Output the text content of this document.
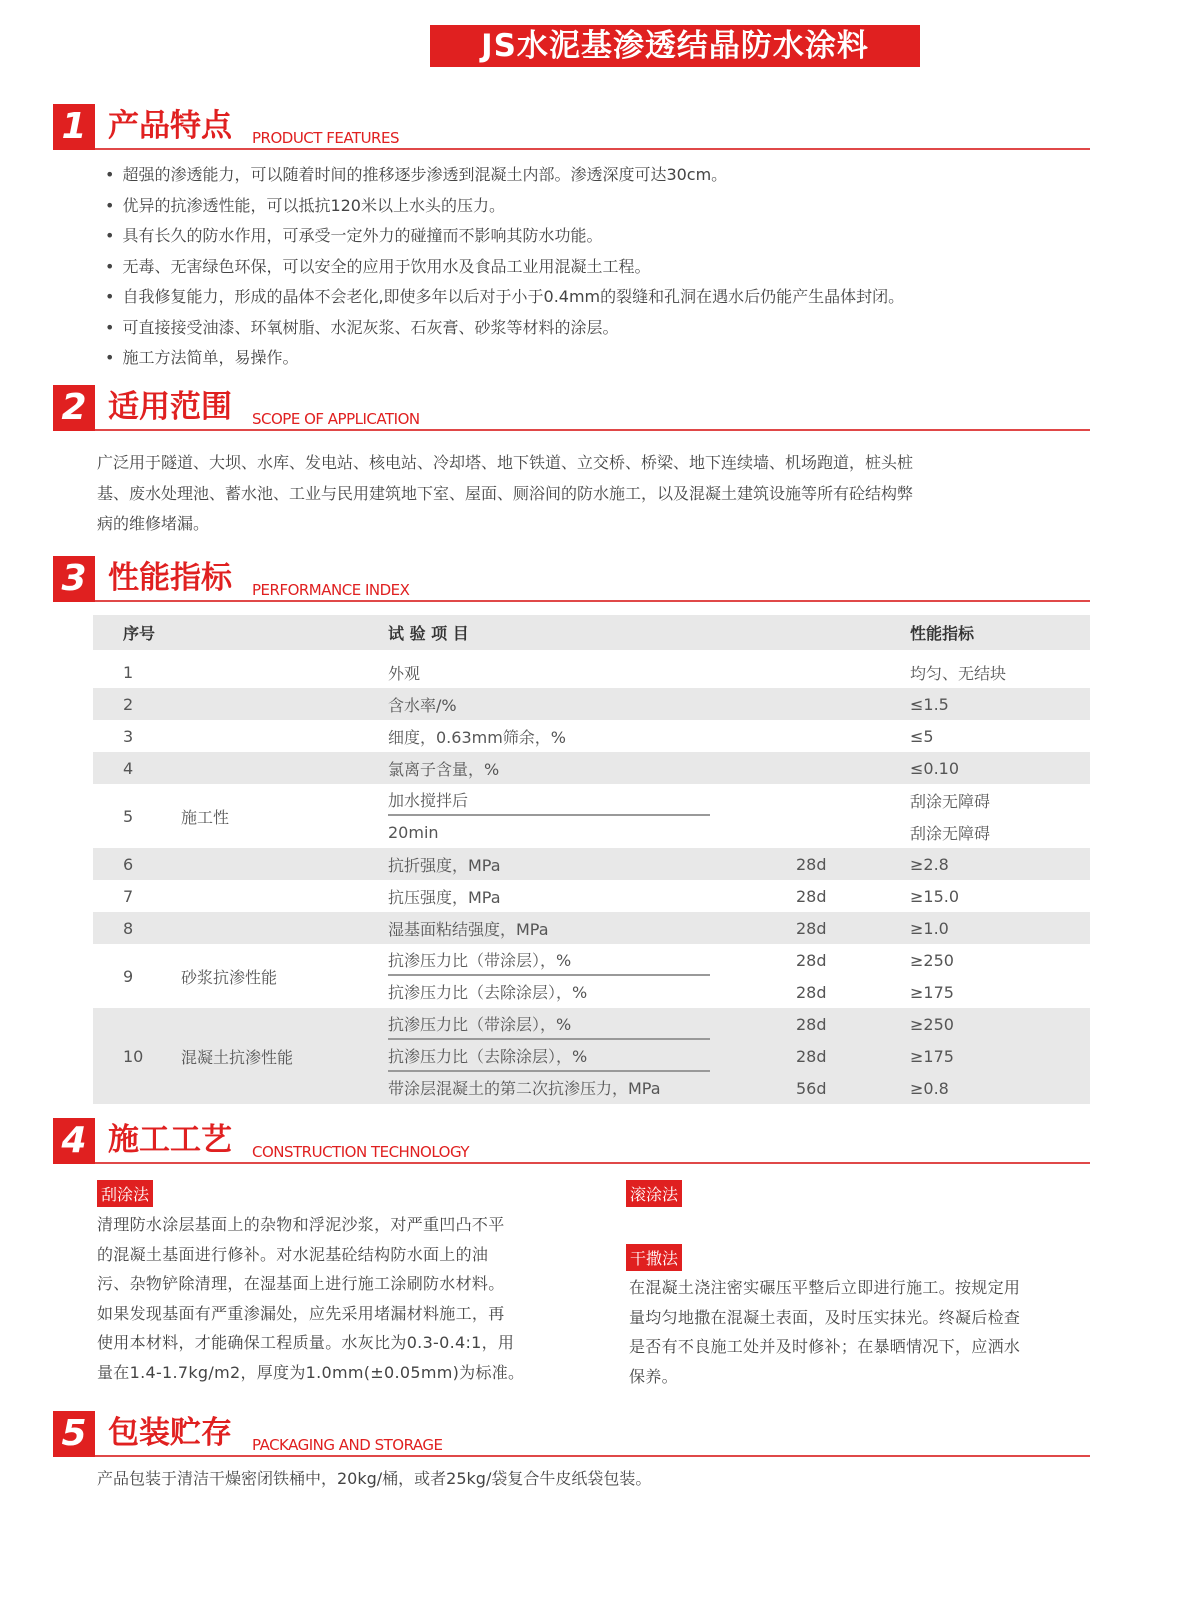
JS水泥基渗透结晶防水涂料
1 产品特点 PRODUCT FEATURES
2 适用范围 SCOPE OF APPLICATION
3 性能指标 PERFORMANCE INDEX
4 施工工艺 CONSTRUCTION TECHNOLOGY
5 包装贮存 PACKAGING AND STORAGE
• 超强的渗透能力，可以随着时间的推移逐步渗透到混凝土内部。渗透深度可达30cm。
• 优异的抗渗透性能，可以抵抗120米以上水头的压力。
• 具有长久的防水作用，可承受一定外力的碰撞而不影响其防水功能。
• 无毒、无害绿色环保，可以安全的应用于饮用水及食品工业用混凝土工程。
• 自我修复能力，形成的晶体不会老化,即使多年以后对于小于0.4mm的裂缝和孔洞在遇水后仍能产生晶体封闭。
• 可直接接受油漆、环氧树脂、水泥灰浆、石灰膏、砂浆等材料的涂层。
• 施工方法简单，易操作。
广泛用于隧道、大坝、水库、发电站、核电站、冷却塔、地下铁道、立交桥、桥梁、地下连续墙、机场跑道，桩头桩
基、废水处理池、蓄水池、工业与民用建筑地下室、屋面、厕浴间的防水施工，以及混凝土建筑设施等所有砼结构弊
病的维修堵漏。
序号		试 验 项 目		性能指标

1		外观		均匀、无结块
2		含水率/%		≤1.5
3		细度，0.63mm筛余，%		≤5
4		氯离子含量，%		≤0.10
5	施工性	加水搅拌后		刮涂无障碍

		20min		刮涂无障碍
6		抗折强度，MPa	28d	≥2.8
7		抗压强度，MPa	28d	≥15.0
8		湿基面粘结强度，MPa	28d	≥1.0
9	砂浆抗渗性能	抗渗压力比（带涂层），%	28d	≥250

		抗渗压力比（去除涂层），%	28d	≥175
10	混凝土抗渗性能	抗渗压力比（带涂层），%	28d	≥250

		抗渗压力比（去除涂层），%	28d	≥175

		带涂层混凝土的第二次抗渗压力，MPa	56d	≥0.8
刮涂法	滚涂法
干撒法
清理防水涂层基面上的杂物和浮泥沙浆，对严重凹凸不平
的混凝土基面进行修补。对水泥基砼结构防水面上的油
污、杂物铲除清理，在湿基面上进行施工涂刷防水材料。
如果发现基面有严重渗漏处，应先采用堵漏材料施工，再
使用本材料，才能确保工程质量。水灰比为0.3-0.4:1，用
量在1.4-1.7kg/m2，厚度为1.0mm(±0.05mm)为标准。
在混凝土浇注密实碾压平整后立即进行施工。按规定用
量均匀地撒在混凝土表面，及时压实抹光。终凝后检查
是否有不良施工处并及时修补；在暴晒情况下，应洒水
保养。
产品包装于清洁干燥密闭铁桶中，20kg/桶，或者25kg/袋复合牛皮纸袋包装。
